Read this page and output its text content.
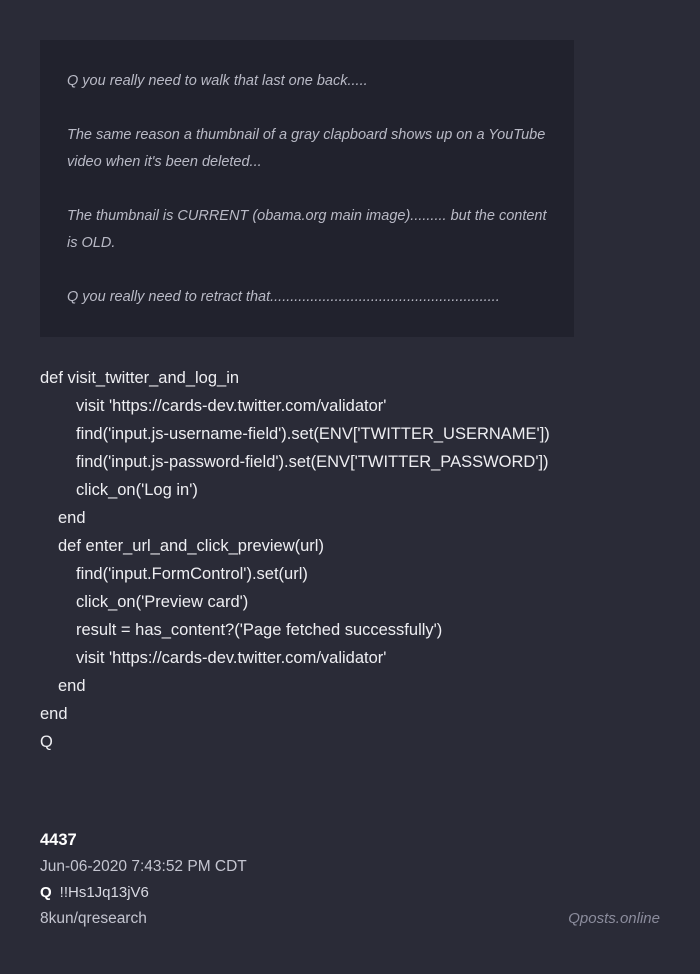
Q you really need to walk that last one back.....

The same reason a thumbnail of a gray clapboard shows up on a YouTube video when it's been deleted...

The thumbnail is CURRENT (obama.org main image)......... but the content is OLD.

Q you really need to retract that.........................................................

def visit_twitter_and_log_in
visit 'https://cards-dev.twitter.com/validator'
find('input.js-username-field').set(ENV['TWITTER_USERNAME'])
find('input.js-password-field').set(ENV['TWITTER_PASSWORD'])
click_on('Log in')
end
def enter_url_and_click_preview(url)
find('input.FormControl').set(url)
click_on('Preview card')
result = has_content?('Page fetched successfully')
visit 'https://cards-dev.twitter.com/validator'
end
end
Q
4437
Jun-06-2020 7:43:52 PM CDT
Q !!Hs1Jq13jV6
8kun/qresearch	Qposts.online
